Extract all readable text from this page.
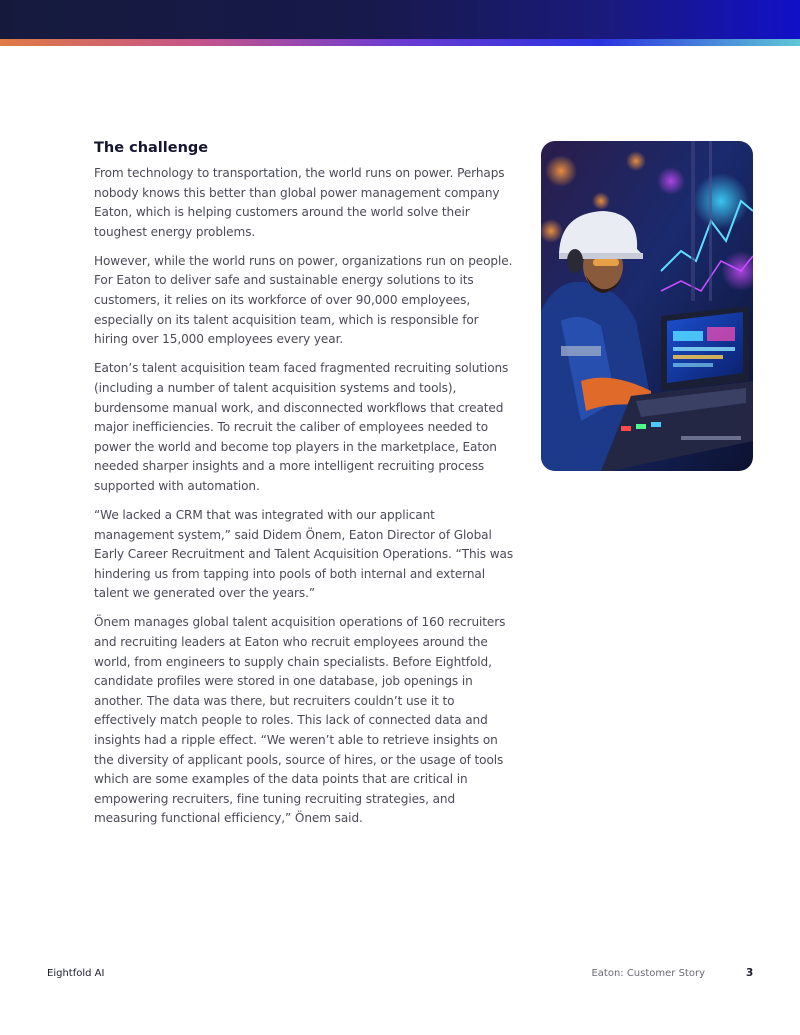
The challenge

From technology to transportation, the world runs on power. Perhaps nobody knows this better than global power management company Eaton, which is helping customers around the world solve their toughest energy problems.

However, while the world runs on power, organizations run on people. For Eaton to deliver safe and sustainable energy solutions to its customers, it relies on its workforce of over 90,000 employees, especially on its talent acquisition team, which is responsible for hiring over 15,000 employees every year.

Eaton’s talent acquisition team faced fragmented recruiting solutions (including a number of talent acquisition systems and tools), burdensome manual work, and disconnected workflows that created major inefficiencies. To recruit the caliber of employees needed to power the world and become top players in the marketplace, Eaton needed sharper insights and a more intelligent recruiting process supported with automation.

“We lacked a CRM that was integrated with our applicant management system,” said Didem Önem, Eaton Director of Global Early Career Recruitment and Talent Acquisition Operations. “This was hindering us from tapping into pools of both internal and external talent we generated over the years.”

Önem manages global talent acquisition operations of 160 recruiters and recruiting leaders at Eaton who recruit employees around the world, from engineers to supply chain specialists. Before Eightfold, candidate profiles were stored in one database, job openings in another. The data was there, but recruiters couldn’t use it to effectively match people to roles. This lack of connected data and insights had a ripple effect. “We weren’t able to retrieve insights on the diversity of applicant pools, source of hires, or the usage of tools which are some examples of the data points that are critical in empowering recruiters, fine tuning recruiting strategies, and measuring functional efficiency,” Önem said.

Eightfold AI	Eaton: Customer Story	3
